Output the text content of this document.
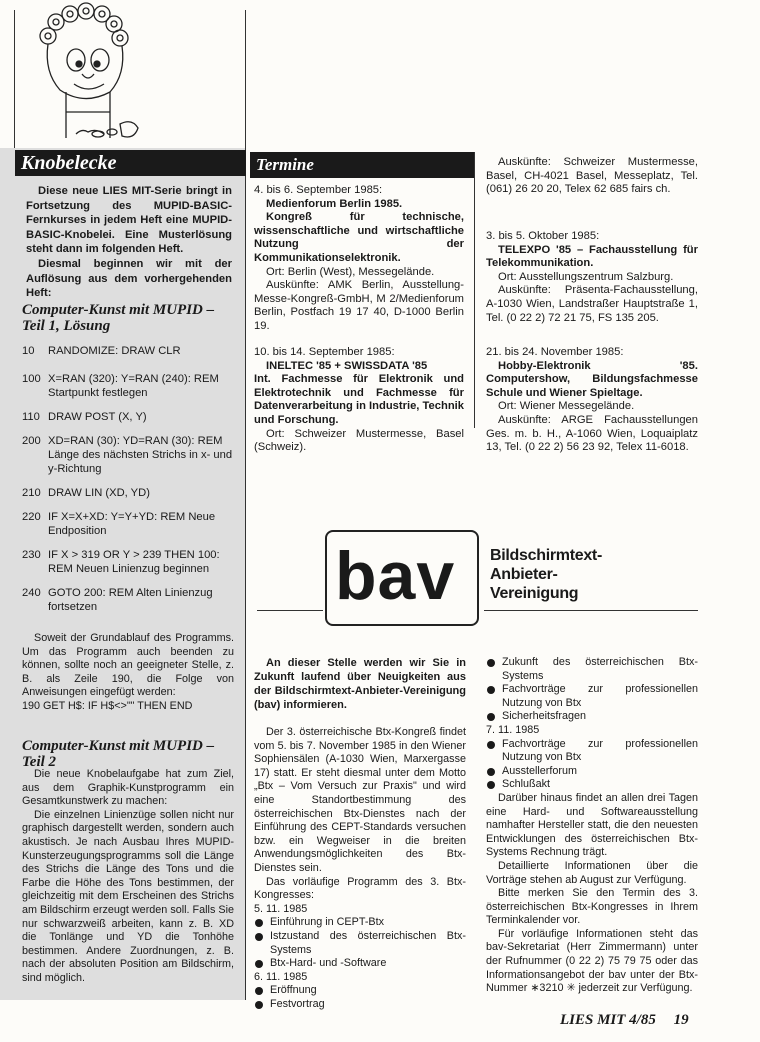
Knobelecke

Diese neue LIES MIT-Serie bringt in Fortsetzung des MUPID-BASIC-Fernkurses in jedem Heft eine MUPID-BASIC-Knobelei. Eine Musterlösung steht dann im folgenden Heft.

Diesmal beginnen wir mit der Auflösung aus dem vorhergehenden Heft:

Computer-Kunst mit MUPID – Teil 1, Lösung
10	RANDOMIZE: DRAW CLR
100 X=RAN (320): Y=RAN (240): REM Startpunkt festlegen
110 DRAW POST (X, Y)
200 XD=RAN (30): YD=RAN (30): REM Länge des nächsten Strichs in x- und y-Richtung
210 DRAW LIN (XD, YD)
220 IF X=X+XD: Y=Y+YD: REM Neue Endposition
230 IF X > 319 OR Y > 239 THEN 100: REM Neuen Linienzug beginnen
240 GOTO 200: REM Alten Linienzug fortsetzen
Soweit der Grundablauf des Programms. Um das Programm auch beenden zu können, sollte noch an geeigneter Stelle, z. B. als Zeile 190, die Folge von Anweisungen eingefügt werden:
190 GET H$: IF H$<>"" THEN END
Computer-Kunst mit MUPID – Teil 2
Die neue Knobelaufgabe hat zum Ziel, aus dem Graphik-Kunstprogramm ein Gesamtkunstwerk zu machen:
Die einzelnen Linienzüge sollen nicht nur graphisch dargestellt werden, sondern auch akustisch. Je nach Ausbau Ihres MUPID-Kunsterzeugungsprogramms soll die Länge des Strichs die Länge des Tons und die Farbe die Höhe des Tons bestimmen, der gleichzeitig mit dem Erscheinen des Strichs am Bildschirm erzeugt werden soll. Falls Sie nur schwarzweiß arbeiten, kann z. B. XD die Tonlänge und YD die Tonhöhe bestimmen. Andere Zuordnungen, z. B. nach der absoluten Position am Bildschirm, sind möglich.
Termine
4. bis 6. September 1985:
Medienforum Berlin 1985.
Kongreß für technische, wissenschaftliche und wirtschaftliche Nutzung der Kommunikationselektronik.
Ort: Berlin (West), Messegelände.
Auskünfte: AMK Berlin, Ausstellung-Messe-Kongreß-GmbH, M 2/Medienforum Berlin, Postfach 19 17 40, D-1000 Berlin 19.
10. bis 14. September 1985:
INELTEC '85 + SWISSDATA '85
Int. Fachmesse für Elektronik und Elektrotechnik und Fachmesse für Datenverarbeitung in Industrie, Technik und Forschung.
Ort: Schweizer Mustermesse, Basel (Schweiz).
Auskünfte: Schweizer Mustermesse, Basel, CH-4021 Basel, Messeplatz, Tel. (061) 26 20 20, Telex 62 685 fairs ch.
3. bis 5. Oktober 1985:
TELEXPO '85 – Fachausstellung für Telekommunikation.
Ort: Ausstellungszentrum Salzburg.
Auskünfte: Präsenta-Fachausstellung, A-1030 Wien, Landstraßer Hauptstraße 1, Tel. (0 22 2) 72 21 75, FS 135 205.
21. bis 24. November 1985:
Hobby-Elektronik '85. Computershow, Bildungsfachmesse Schule und Wiener Spieltage.
Ort: Wiener Messegelände.
Auskünfte: ARGE Fachausstellungen Ges. m. b. H., A-1060 Wien, Loquaiplatz 13, Tel. (0 22 2) 56 23 92, Telex 11-6018.
bav Bildschirmtext-
Anbieter-
Vereinigung

An dieser Stelle werden wir Sie in Zukunft laufend über Neuigkeiten aus der Bildschirmtext-Anbieter-Vereinigung (bav) informieren.

Der 3. österreichische Btx-Kongreß findet vom 5. bis 7. November 1985 in den Wiener Sophiensälen (A-1030 Wien, Marxergasse 17) statt. Er steht diesmal unter dem Motto „Btx – Vom Versuch zur Praxis" und wird eine Standortbestimmung des österreichischen Btx-Dienstes nach der Einführung des CEPT-Standards versuchen bzw. ein Wegweiser in die breiten Anwendungsmöglichkeiten des Btx-Dienstes sein.
Das vorläufige Programm des 3. Btx-Kongresses:
5. 11. 1985
Einführung in CEPT-Btx
Istzustand des österreichischen Btx-Systems
Btx-Hard- und -Software
6. 11. 1985
Eröffnung
Festvortrag
Zukunft des österreichischen Btx-Systems
Fachvorträge zur professionellen Nutzung von Btx
Sicherheitsfragen
7. 11. 1985
Fachvorträge zur professionellen Nutzung von Btx
Ausstellerforum
Schlußakt
Darüber hinaus findet an allen drei Tagen eine Hard- und Softwareausstellung namhafter Hersteller statt, die den neuesten Entwicklungen des österreichischen Btx-Systems Rechnung trägt.
Detaillierte Informationen über die Vorträge stehen ab August zur Verfügung.
Bitte merken Sie den Termin des 3. österreichischen Btx-Kongresses in Ihrem Terminkalender vor.
Für vorläufige Informationen steht das bav-Sekretariat (Herr Zimmermann) unter der Rufnummer (0 22 2) 75 79 75 oder das Informationsangebot der bav unter der Btx-Nummer ∗3210 ✳ jederzeit zur Verfügung.
LIES MIT 4/85 19
